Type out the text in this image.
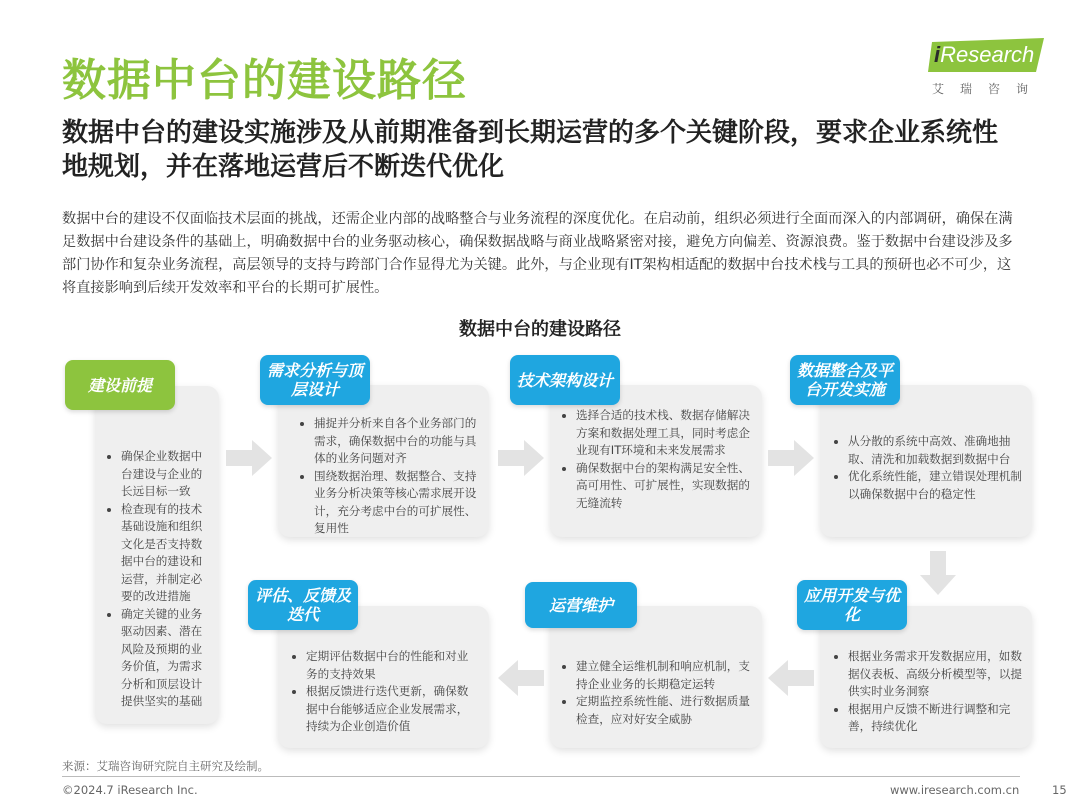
数据中台的建设路径
iResearch
艾瑞咨询
数据中台的建设实施涉及从前期准备到长期运营的多个关键阶段，要求企业系统性地规划，并在落地运营后不断迭代优化
数据中台的建设不仅面临技术层面的挑战，还需企业内部的战略整合与业务流程的深度优化。在启动前，组织必须进行全面而深入的内部调研，确保在满足数据中台建设条件的基础上，明确数据中台的业务驱动核心，确保数据战略与商业战略紧密对接，避免方向偏差、资源浪费。鉴于数据中台建设涉及多部门协作和复杂业务流程，高层领导的支持与跨部门合作显得尤为关键。此外，与企业现有IT架构相适配的数据中台技术栈与工具的预研也必不可少，这将直接影响到后续开发效率和平台的长期可扩展性。
数据中台的建设路径
• 确保企业数据中台建设与企业的长远目标一致
• 检查现有的技术基础设施和组织文化是否支持数据中台的建设和运营，并制定必要的改进措施
• 确定关键的业务驱动因素、潜在风险及预期的业务价值，为需求分析和顶层设计提供坚实的基础
建设前提
• 捕捉并分析来自各个业务部门的需求，确保数据中台的功能与具体的业务问题对齐
• 围绕数据治理、数据整合、支持业务分析决策等核心需求展开设计，充分考虑中台的可扩展性、复用性
需求分析与顶层设计
• 选择合适的技术栈、数据存储解决方案和数据处理工具，同时考虑企业现有IT环境和未来发展需求
• 确保数据中台的架构满足安全性、高可用性、可扩展性，实现数据的无缝流转
技术架构设计
• 从分散的系统中高效、准确地抽取、清洗和加载数据到数据中台
• 优化系统性能，建立错误处理机制以确保数据中台的稳定性
数据整合及平台开发实施
• 根据业务需求开发数据应用，如数据仪表板、高级分析模型等，以提供实时业务洞察
• 根据用户反馈不断进行调整和完善，持续优化
应用开发与优化
• 建立健全运维机制和响应机制，支持企业业务的长期稳定运转
• 定期监控系统性能、进行数据质量检查，应对好安全威胁
运营维护
• 定期评估数据中台的性能和对业务的支持效果
• 根据反馈进行迭代更新，确保数据中台能够适应企业发展需求，持续为企业创造价值
评估、反馈及迭代
来源：艾瑞咨询研究院自主研究及绘制。
©2024.7 iResearch Inc.	www.iresearch.com.cn	15
